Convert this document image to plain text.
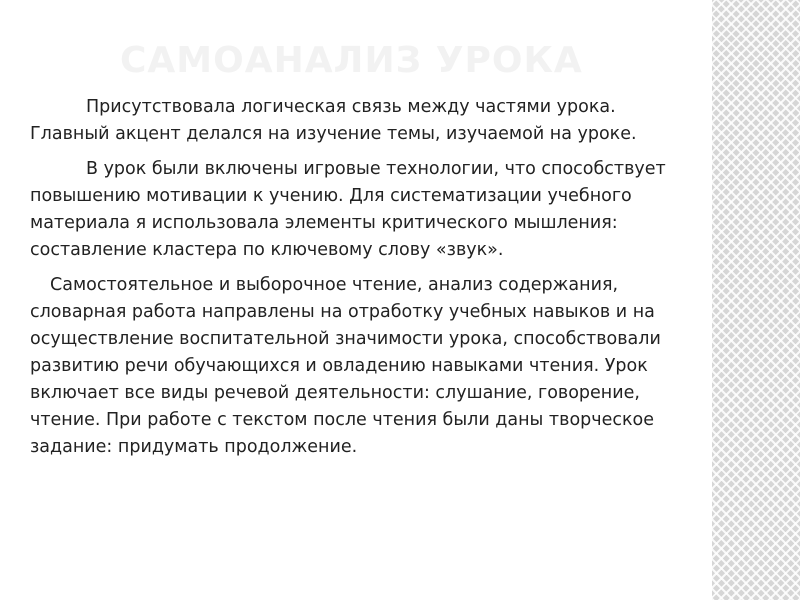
САМОАНАЛИЗ УРОКА

Присутствовала логическая связь между частями урока. Главный акцент делался на изучение темы, изучаемой на уроке.

В урок были включены игровые технологии, что способствует повышению мотивации к учению. Для систематизации учебного материала я использовала элементы критического мышления: составление кластера по ключевому слову «звук».

Самостоятельное и выборочное чтение, анализ содержания, словарная работа направлены на отработку учебных навыков и на осуществление воспитательной значимости урока, способствовали развитию речи обучающихся и овладению навыками чтения. Урок включает все виды речевой деятельности: слушание, говорение, чтение. При работе с текстом после чтения были даны творческое задание: придумать продолжение.
